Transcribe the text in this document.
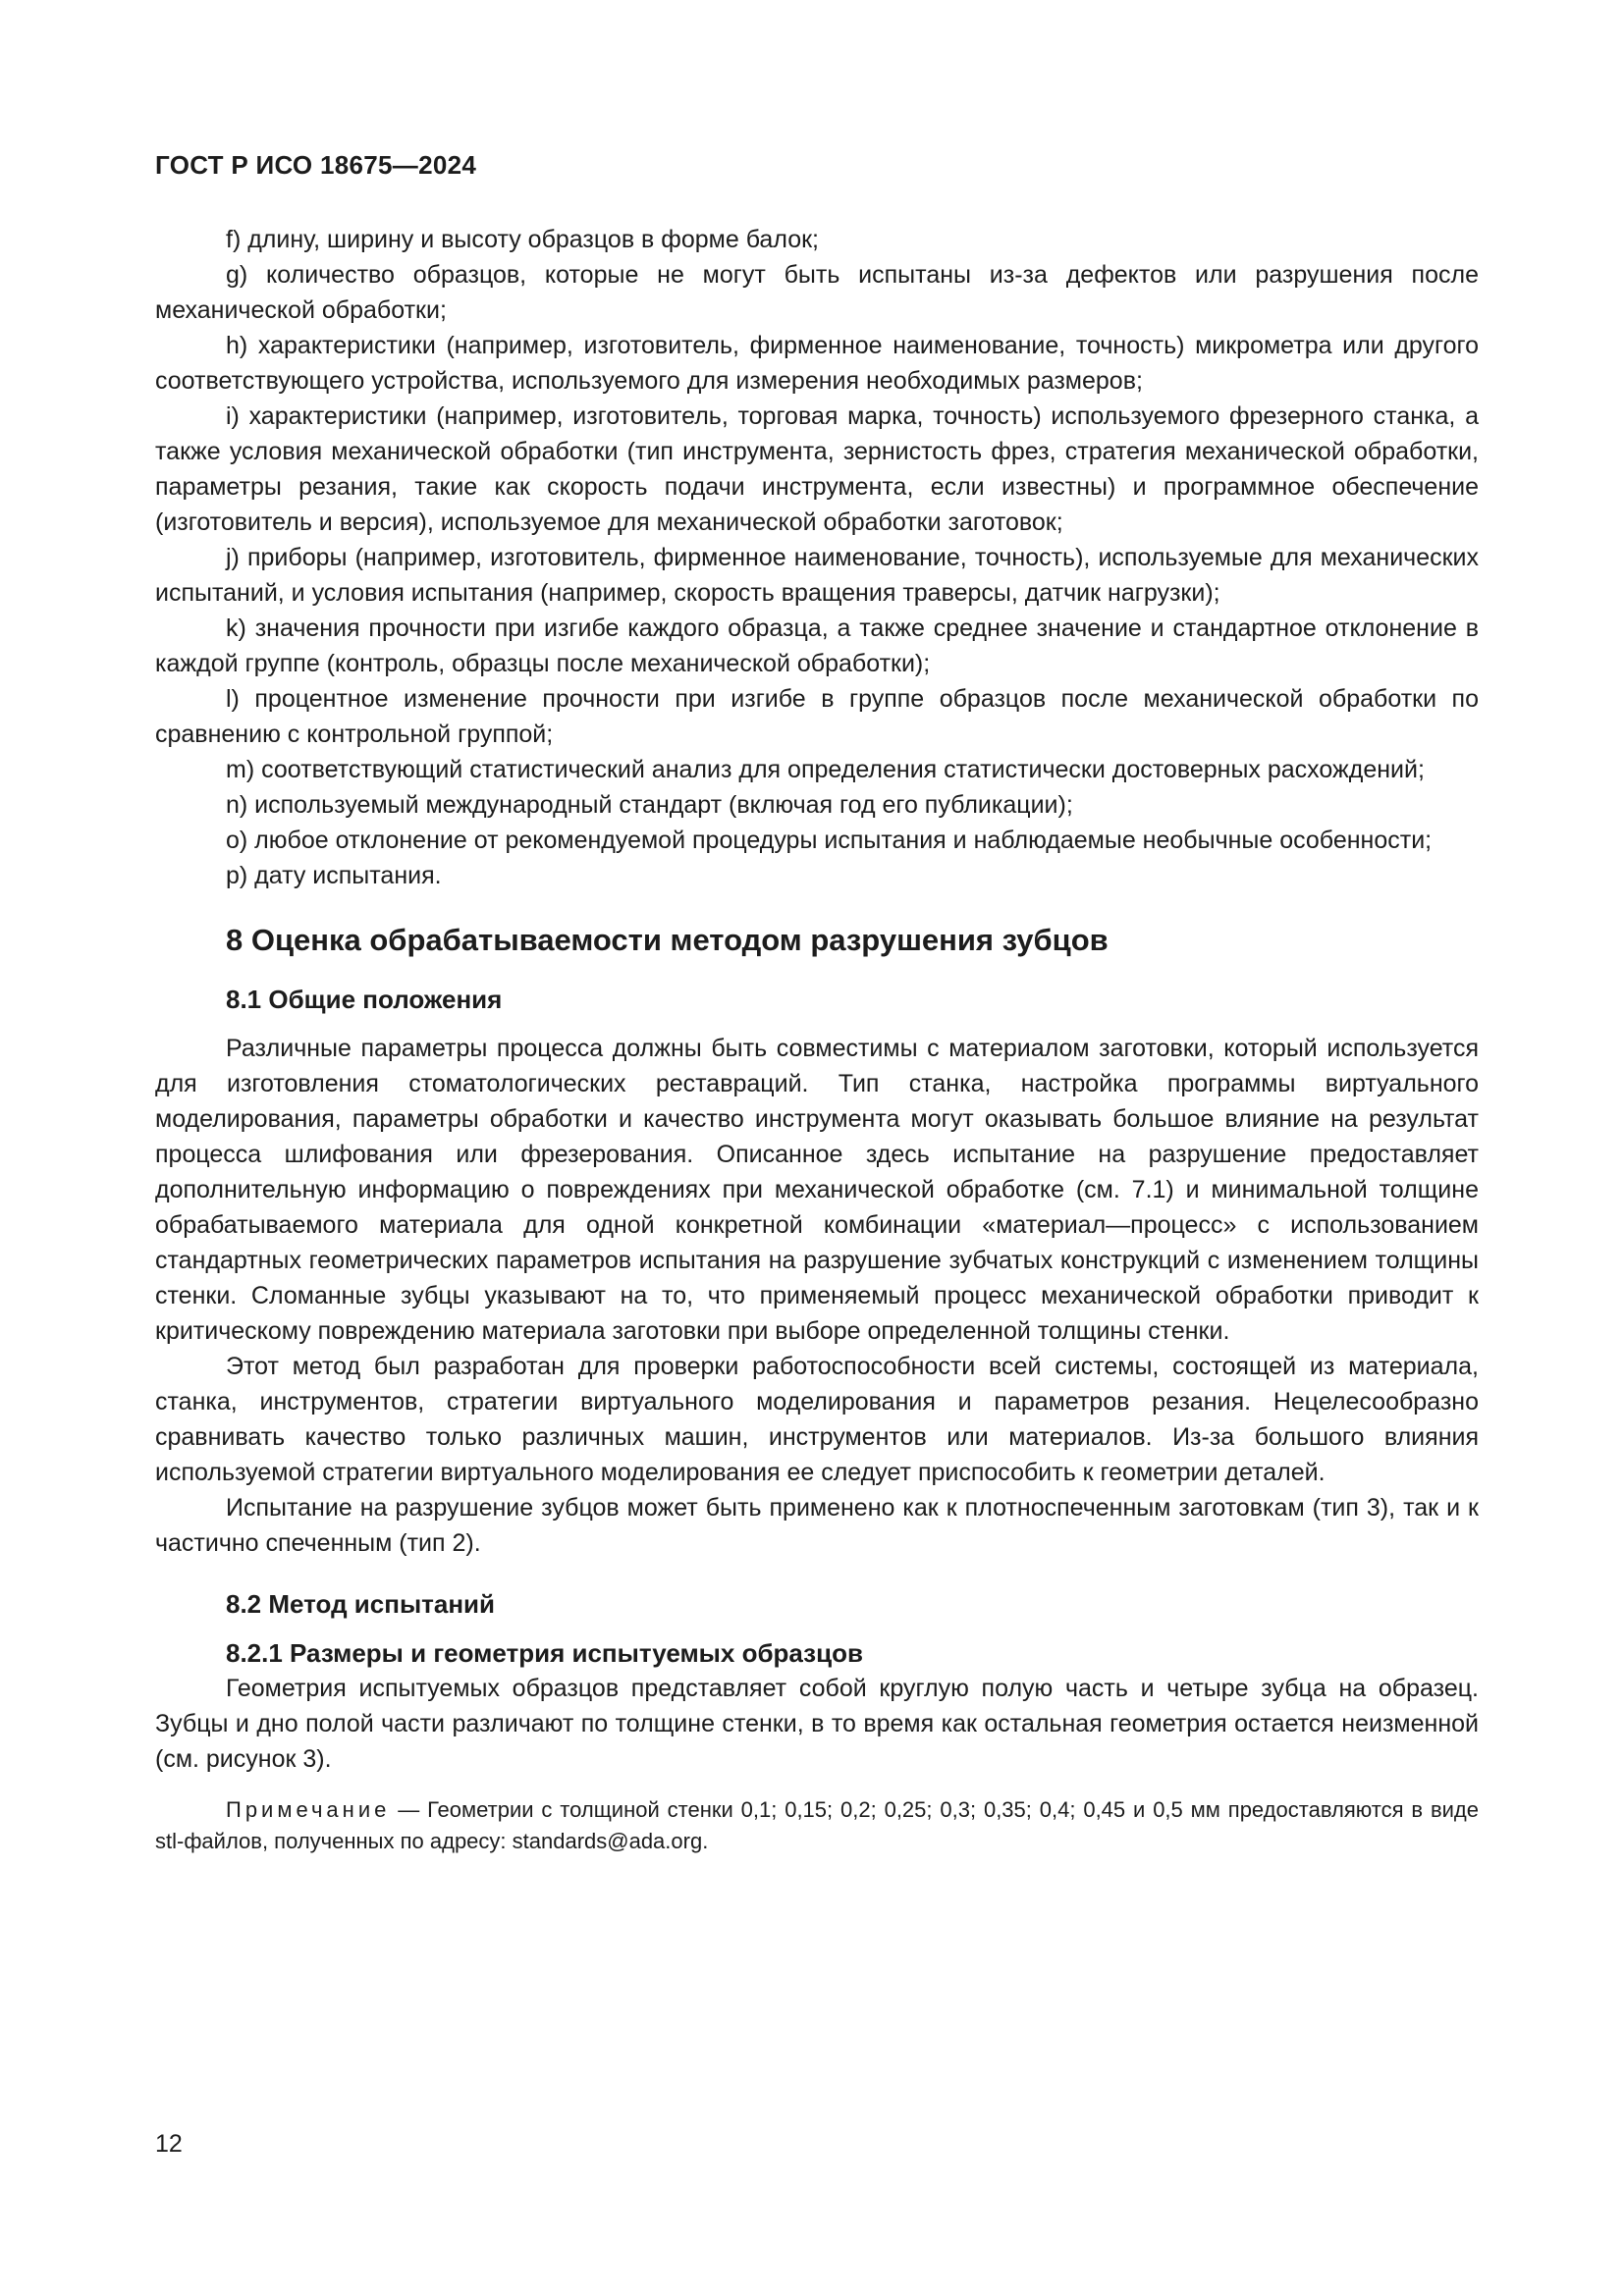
ГОСТ Р ИСО 18675—2024

f) длину, ширину и высоту образцов в форме балок;

g) количество образцов, которые не могут быть испытаны из-за дефектов или разрушения после механической обработки;

h) характеристики (например, изготовитель, фирменное наименование, точность) микрометра или другого соответствующего устройства, используемого для измерения необходимых размеров;

i) характеристики (например, изготовитель, торговая марка, точность) используемого фрезерного станка, а также условия механической обработки (тип инструмента, зернистость фрез, стратегия механической обработки, параметры резания, такие как скорость подачи инструмента, если известны) и программное обеспечение (изготовитель и версия), используемое для механической обработки заготовок;

j) приборы (например, изготовитель, фирменное наименование, точность), используемые для механических испытаний, и условия испытания (например, скорость вращения траверсы, датчик нагрузки);

k) значения прочности при изгибе каждого образца, а также среднее значение и стандартное отклонение в каждой группе (контроль, образцы после механической обработки);

l) процентное изменение прочности при изгибе в группе образцов после механической обработки по сравнению с контрольной группой;

m) соответствующий статистический анализ для определения статистически достоверных расхождений;

n) используемый международный стандарт (включая год его публикации);

o) любое отклонение от рекомендуемой процедуры испытания и наблюдаемые необычные особенности;

p) дату испытания.

8 Оценка обрабатываемости методом разрушения зубцов
8.1 Общие положения

Различные параметры процесса должны быть совместимы с материалом заготовки, который используется для изготовления стоматологических реставраций. Тип станка, настройка программы виртуального моделирования, параметры обработки и качество инструмента могут оказывать большое влияние на результат процесса шлифования или фрезерования. Описанное здесь испытание на разрушение предоставляет дополнительную информацию о повреждениях при механической обработке (см. 7.1) и минимальной толщине обрабатываемого материала для одной конкретной комбинации «материал—процесс» с использованием стандартных геометрических параметров испытания на разрушение зубчатых конструкций с изменением толщины стенки. Сломанные зубцы указывают на то, что применяемый процесс механической обработки приводит к критическому повреждению материала заготовки при выборе определенной толщины стенки.

Этот метод был разработан для проверки работоспособности всей системы, состоящей из материала, станка, инструментов, стратегии виртуального моделирования и параметров резания. Нецелесообразно сравнивать качество только различных машин, инструментов или материалов. Из-за большого влияния используемой стратегии виртуального моделирования ее следует приспособить к геометрии деталей.

Испытание на разрушение зубцов может быть применено как к плотноспеченным заготовкам (тип 3), так и к частично спеченным (тип 2).

8.2 Метод испытаний
8.2.1 Размеры и геометрия испытуемых образцов

Геометрия испытуемых образцов представляет собой круглую полую часть и четыре зубца на образец. Зубцы и дно полой части различают по толщине стенки, в то время как остальная геометрия остается неизменной (см. рисунок 3).

Примечание — Геометрии с толщиной стенки 0,1; 0,15; 0,2; 0,25; 0,3; 0,35; 0,4; 0,45 и 0,5 мм предоставляются в виде stl-файлов, полученных по адресу: standards@ada.org.

12
